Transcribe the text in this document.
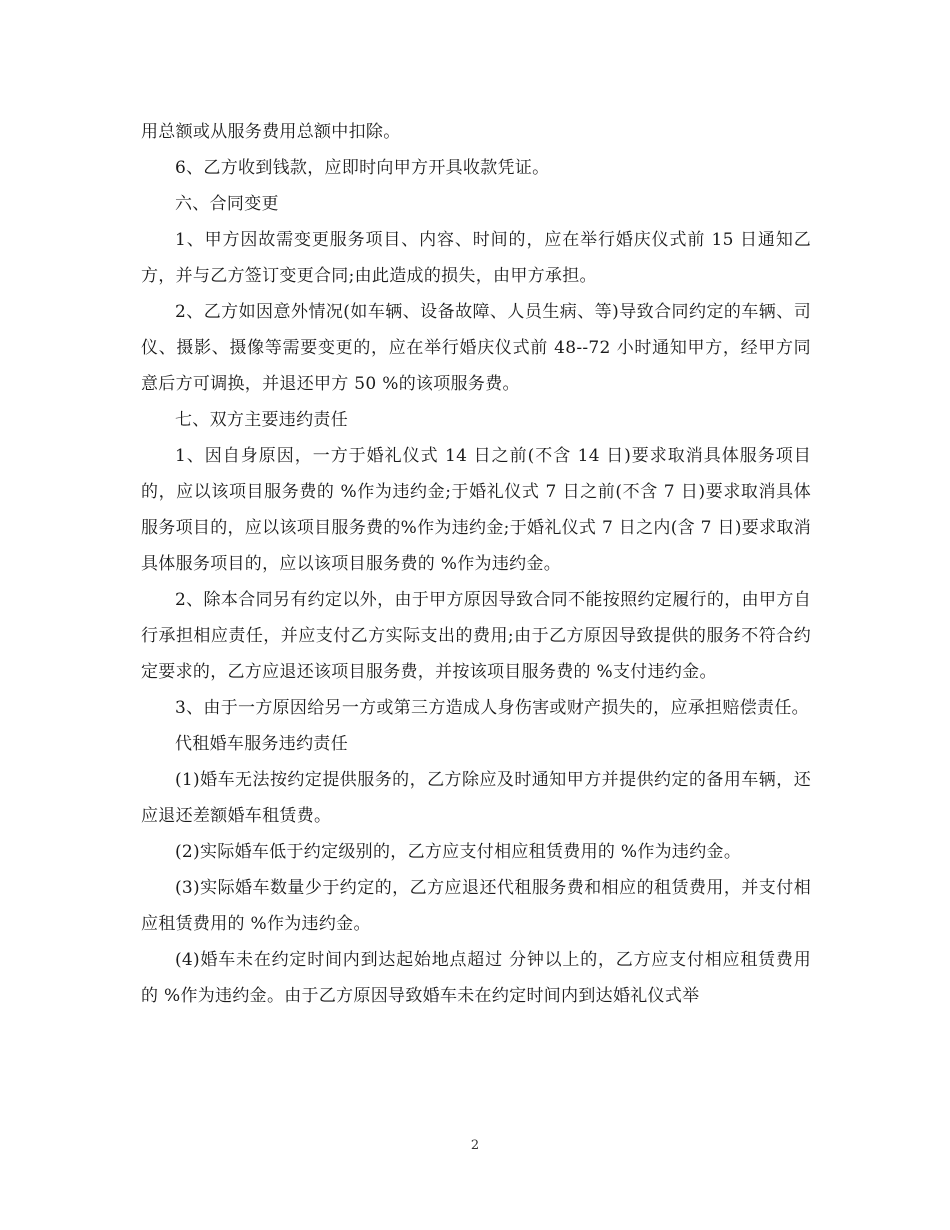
用总额或从服务费用总额中扣除。

6、乙方收到钱款，应即时向甲方开具收款凭证。

六、合同变更

1、甲方因故需变更服务项目、内容、时间的，应在举行婚庆仪式前 15 日通知乙方，并与乙方签订变更合同;由此造成的损失，由甲方承担。

2、乙方如因意外情况(如车辆、设备故障、人员生病、等)导致合同约定的车辆、司仪、摄影、摄像等需要变更的，应在举行婚庆仪式前 48--72 小时通知甲方，经甲方同意后方可调换，并退还甲方 50 %的该项服务费。

七、双方主要违约责任

1、因自身原因，一方于婚礼仪式 14 日之前(不含 14 日)要求取消具体服务项目的，应以该项目服务费的 %作为违约金;于婚礼仪式 7 日之前(不含 7 日)要求取消具体服务项目的，应以该项目服务费的%作为违约金;于婚礼仪式 7 日之内(含 7 日)要求取消具体服务项目的，应以该项目服务费的 %作为违约金。

2、除本合同另有约定以外，由于甲方原因导致合同不能按照约定履行的，由甲方自行承担相应责任，并应支付乙方实际支出的费用;由于乙方原因导致提供的服务不符合约定要求的，乙方应退还该项目服务费，并按该项目服务费的 %支付违约金。

3、由于一方原因给另一方或第三方造成人身伤害或财产损失的，应承担赔偿责任。

代租婚车服务违约责任

(1)婚车无法按约定提供服务的，乙方除应及时通知甲方并提供约定的备用车辆，还应退还差额婚车租赁费。

(2)实际婚车低于约定级别的，乙方应支付相应租赁费用的 %作为违约金。

(3)实际婚车数量少于约定的，乙方应退还代租服务费和相应的租赁费用，并支付相应租赁费用的 %作为违约金。

(4)婚车未在约定时间内到达起始地点超过 分钟以上的，乙方应支付相应租赁费用的 %作为违约金。由于乙方原因导致婚车未在约定时间内到达婚礼仪式举

2
